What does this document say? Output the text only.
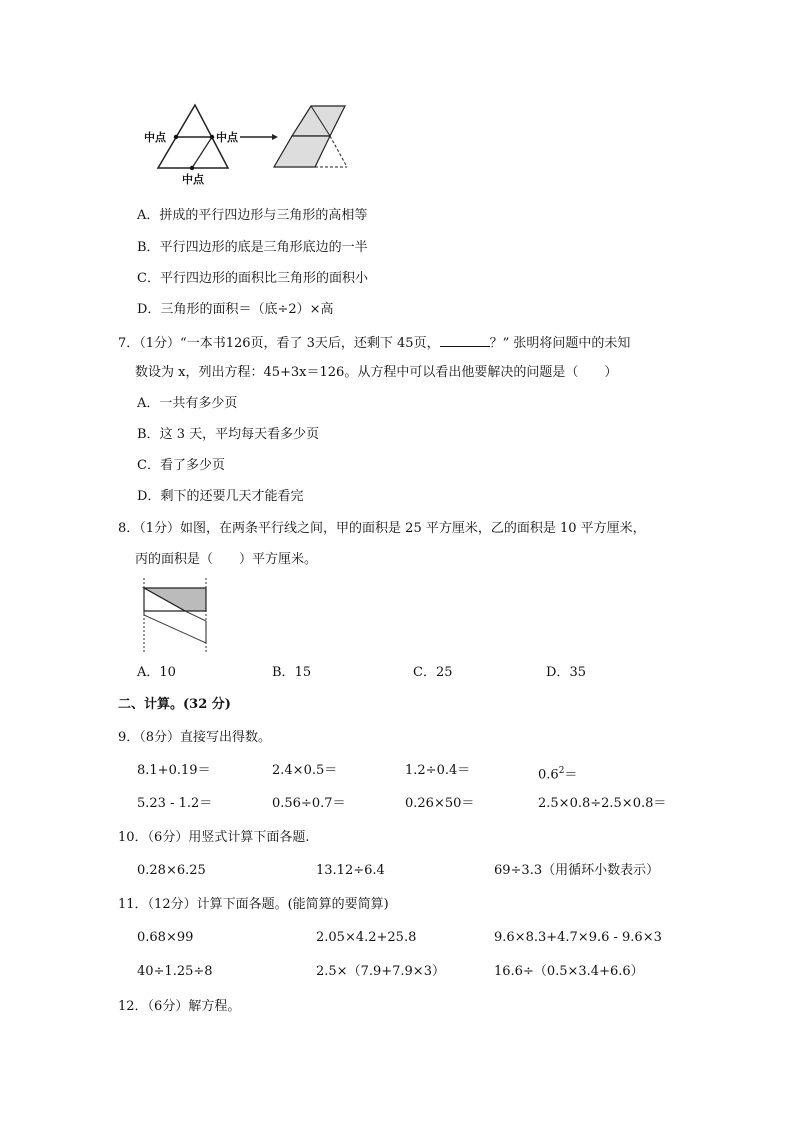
中点	中点
中点
A．拼成的平行四边形与三角形的高相等
B．平行四边形的底是三角形底边的一半
C．平行四边形的面积比三角形的面积小
D．三角形的面积＝（底÷2）×高
7．（1分）“一本书126页，看了 3天后，还剩下 45页，	？” 张明将问题中的未知
数设为 x，列出方程：45+3x＝126。从方程中可以看出他要解决的问题是（　　）
A．一共有多少页
B．这 3 天，平均每天看多少页
C．看了多少页
D．剩下的还要几天才能看完
8．（1分）如图，在两条平行线之间，甲的面积是 25 平方厘米，乙的面积是 10 平方厘米，
丙的面积是（　　）平方厘米。
A．10	B．15	C．25	D．35
二、计算。(32 分)
9．（8分）直接写出得数。
8.1+0.19＝	2.4×0.5＝	1.2÷0.4＝	$0.6^2=$
5.23 - 1.2＝	0.56÷0.7＝	0.26×50＝	2.5×0.8÷2.5×0.8＝
10．（6分）用竖式计算下面各题.
0.28×6.25	13.12÷6.4	69÷3.3（用循环小数表示）
11．（12分）计算下面各题。(能简算的要简算)
0.68×99	2.05×4.2+25.8	9.6×8.3+4.7×9.6 - 9.6×3
40÷1.25÷8	2.5×（7.9+7.9×3）	16.6÷（0.5×3.4+6.6）
12．（6分）解方程。
